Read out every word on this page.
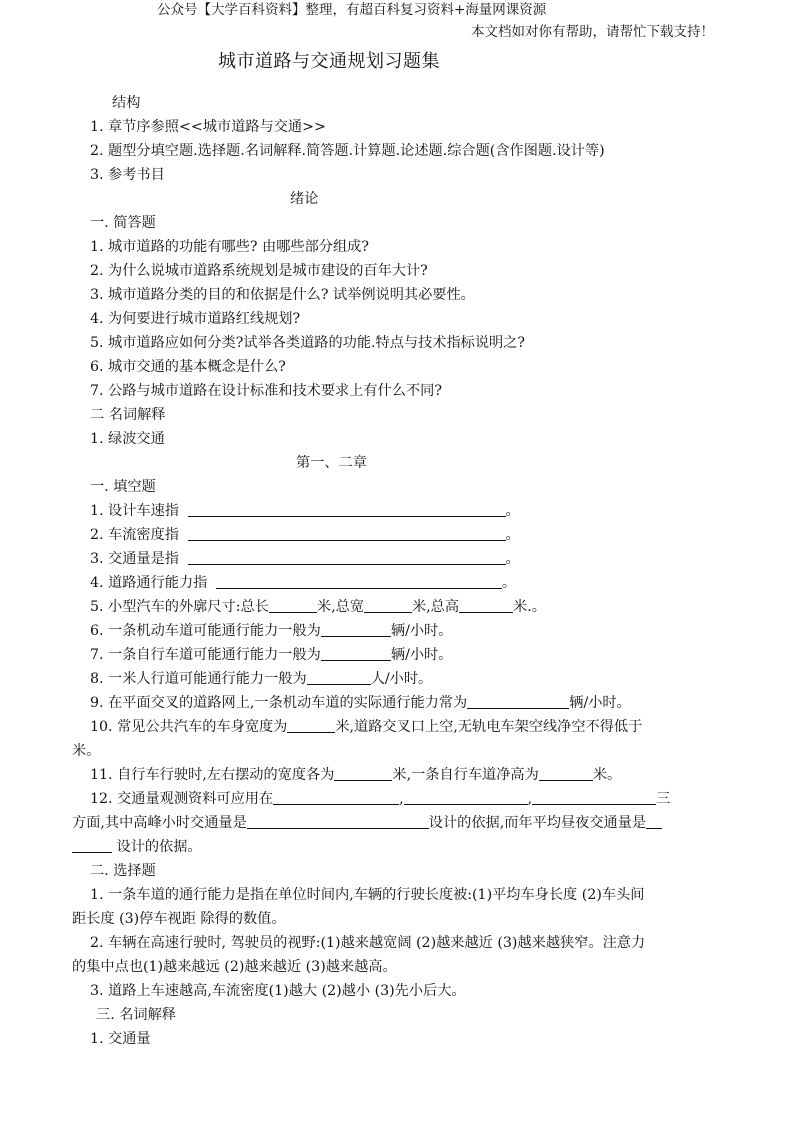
公众号【大学百科资料】整理，有超百科复习资料+海量网课资源
本文档如对你有帮助，请帮忙下载支持！
城市道路与交通规划习题集
结构
1. 章节序参照<<城市道路与交通>>
2. 题型分填空题.选择题.名词解释.简答题.计算题.论述题.综合题(含作图题.设计等)
3. 参考书目
绪论
一. 简答题
1. 城市道路的功能有哪些? 由哪些部分组成?
2. 为什么说城市道路系统规划是城市建设的百年大计?
3. 城市道路分类的目的和依据是什么? 试举例说明其必要性。
4. 为何要进行城市道路红线规划?
5. 城市道路应如何分类?试举各类道路的功能.特点与技术指标说明之?
6. 城市交通的基本概念是什么?
7. 公路与城市道路在设计标准和技术要求上有什么不同?
二 名词解释
1. 绿波交通
第一、二章
一. 填空题
1. 设计车速指	。
2. 车流密度指	。
3. 交通量是指	。
4. 道路通行能力指	。
5. 小型汽车的外廓尺寸:总长	米,总宽	米,总高	米.。
6. 一条机动车道可能通行能力一般为	辆/小时。
7. 一条自行车道可能通行能力一般为	辆/小时。
8. 一米人行道可能通行能力一般为	人/小时。
9. 在平面交叉的道路网上,一条机动车道的实际通行能力常为	辆/小时。
10. 常见公共汽车的车身宽度为	米,道路交叉口上空,无轨电车架空线净空不得低于
米。
11. 自行车行驶时,左右摆动的宽度各为	米,一条自行车道净高为	米。
12. 交通量观测资料可应用在	,	,	三
方面,其中高峰小时交通量是	设计的依据,而年平均昼夜交通量是
设计的依据。
二. 选择题
1. 一条车道的通行能力是指在单位时间内,车辆的行驶长度被:(1)平均车身长度 (2)车头间
距长度 (3)停车视距 除得的数值。
2. 车辆在高速行驶时, 驾驶员的视野:(1)越来越宽阔 (2)越来越近 (3)越来越狭窄。注意力
的集中点也(1)越来越远 (2)越来越近 (3)越来越高。
3. 道路上车速越高,车流密度(1)越大 (2)越小 (3)先小后大。
三. 名词解释
1. 交通量
